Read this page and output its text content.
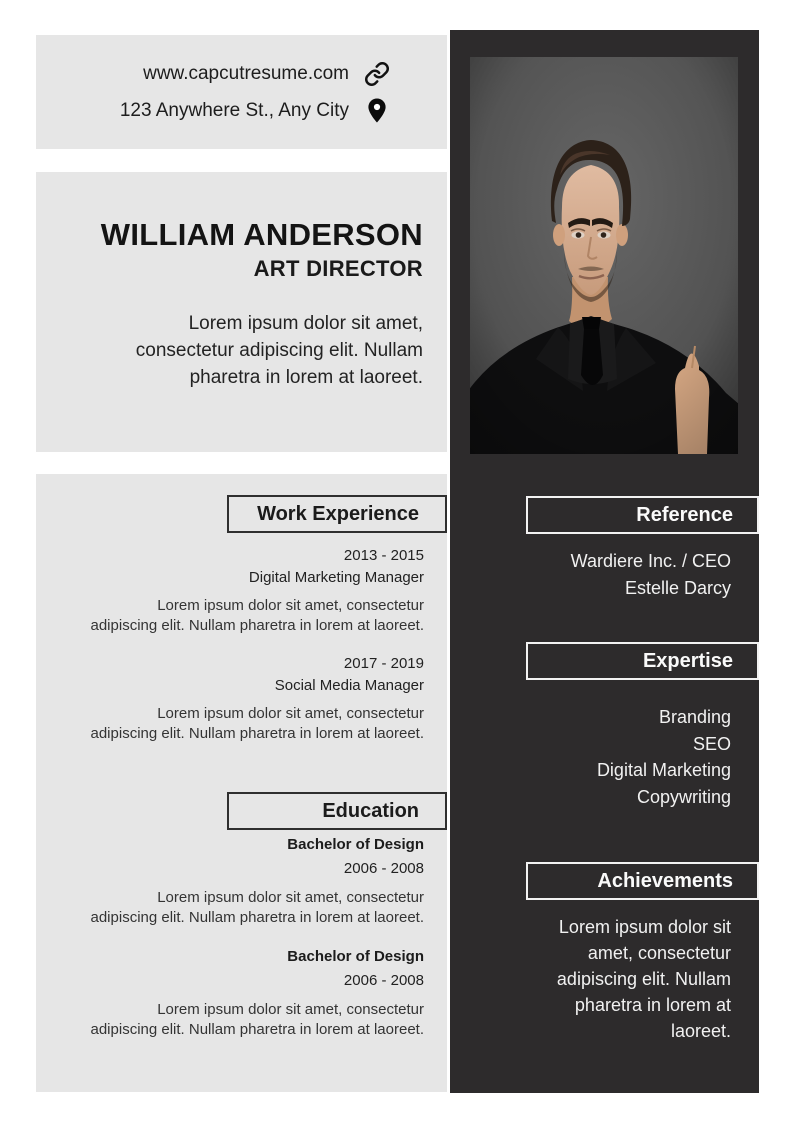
www.capcutresume.com
123 Anywhere St., Any City
WILLIAM ANDERSON
ART DIRECTOR

Lorem ipsum dolor sit amet, consectetur adipiscing elit. Nullam pharetra in lorem at laoreet.

Work Experience
2013 - 2015
Digital Marketing Manager

Lorem ipsum dolor sit amet, consectetur adipiscing elit. Nullam pharetra in lorem at laoreet.

2017 - 2019
Social Media Manager

Lorem ipsum dolor sit amet, consectetur adipiscing elit. Nullam pharetra in lorem at laoreet.

Education
Bachelor of Design
2006 - 2008

Lorem ipsum dolor sit amet, consectetur adipiscing elit. Nullam pharetra in lorem at laoreet.

Bachelor of Design
2006 - 2008

Lorem ipsum dolor sit amet, consectetur adipiscing elit. Nullam pharetra in lorem at laoreet.

Reference
Wardiere Inc. / CEO
Estelle Darcy
Expertise
Branding
SEO
Digital Marketing
Copywriting
Achievements

Lorem ipsum dolor sit amet, consectetur adipiscing elit. Nullam pharetra in lorem at laoreet.
